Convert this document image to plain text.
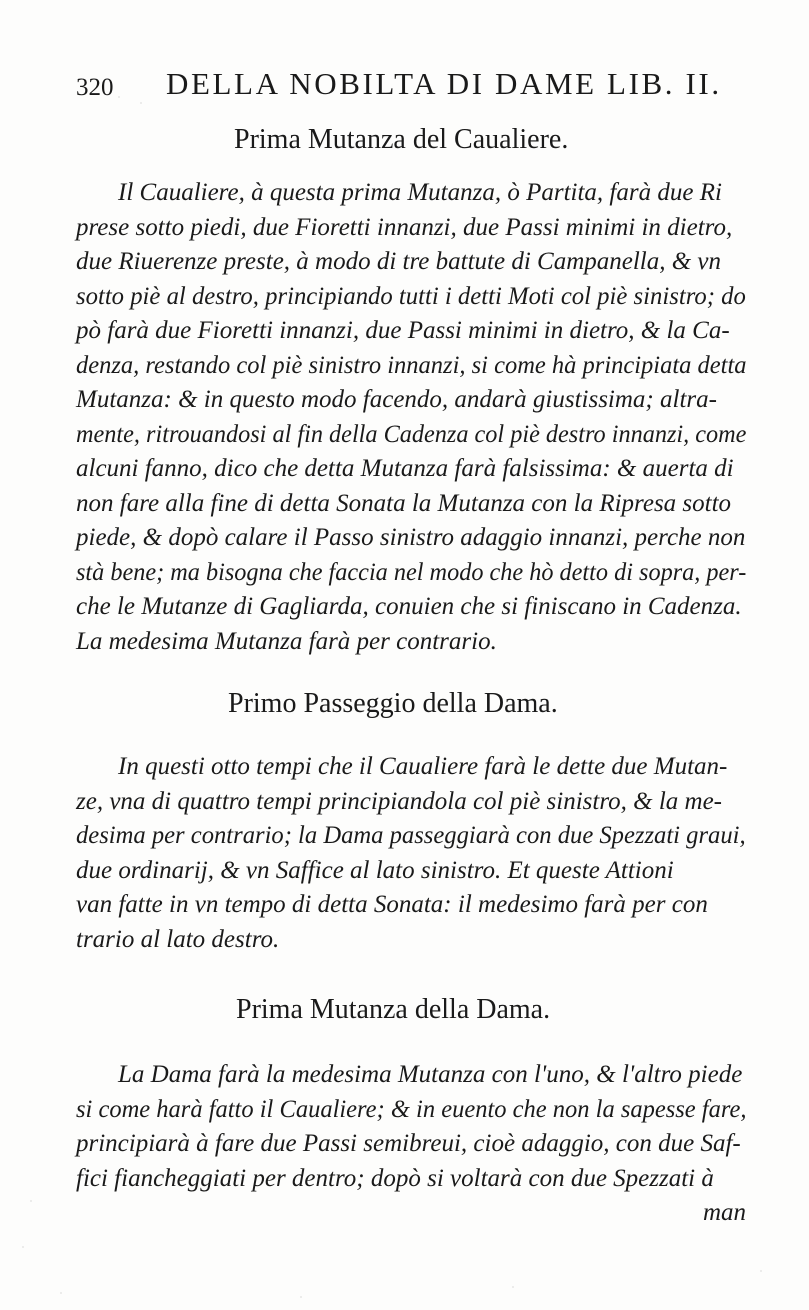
320 DELLA NOBILTA DI DAME LIB. II.
Prima Mutanza del Caualiere.
Il Caualiere, à questa prima Mutanza, ò Partita, farà due Ri
prese sotto piedi, due Fioretti innanzi, due Passi minimi in dietro,
due Riuerenze preste, à modo di tre battute di Campanella, & vn
sotto piè al destro, principiando tutti i detti Moti col piè sinistro; do
pò farà due Fioretti innanzi, due Passi minimi in dietro, & la Ca-
denza, restando col piè sinistro innanzi, si come hà principiata detta
Mutanza: & in questo modo facendo, andarà giustissima; altra-
mente, ritrouandosi al fin della Cadenza col piè destro innanzi, come
alcuni fanno, dico che detta Mutanza farà falsissima: & auerta di
non fare alla fine di detta Sonata la Mutanza con la Ripresa sotto
piede, & dopò calare il Passo sinistro adaggio innanzi, perche non
stà bene; ma bisogna che faccia nel modo che hò detto di sopra, per-
che le Mutanze di Gagliarda, conuien che si finiscano in Cadenza.
La medesima Mutanza farà per contrario.
Primo Passeggio della Dama.
In questi otto tempi che il Caualiere farà le dette due Mutan-
ze, vna di quattro tempi principiandola col piè sinistro, & la me-
desima per contrario; la Dama passeggiarà con due Spezzati graui,
due ordinarij, & vn Saffice al lato sinistro. Et queste Attioni
van fatte in vn tempo di detta Sonata: il medesimo farà per con
trario al lato destro.
Prima Mutanza della Dama.
La Dama farà la medesima Mutanza con l'uno, & l'altro piede
si come harà fatto il Caualiere; & in euento che non la sapesse fare,
principiarà à fare due Passi semibreui, cioè adaggio, con due Saf-
fici fiancheggiati per dentro; dopò si voltarà con due Spezzati à
man
